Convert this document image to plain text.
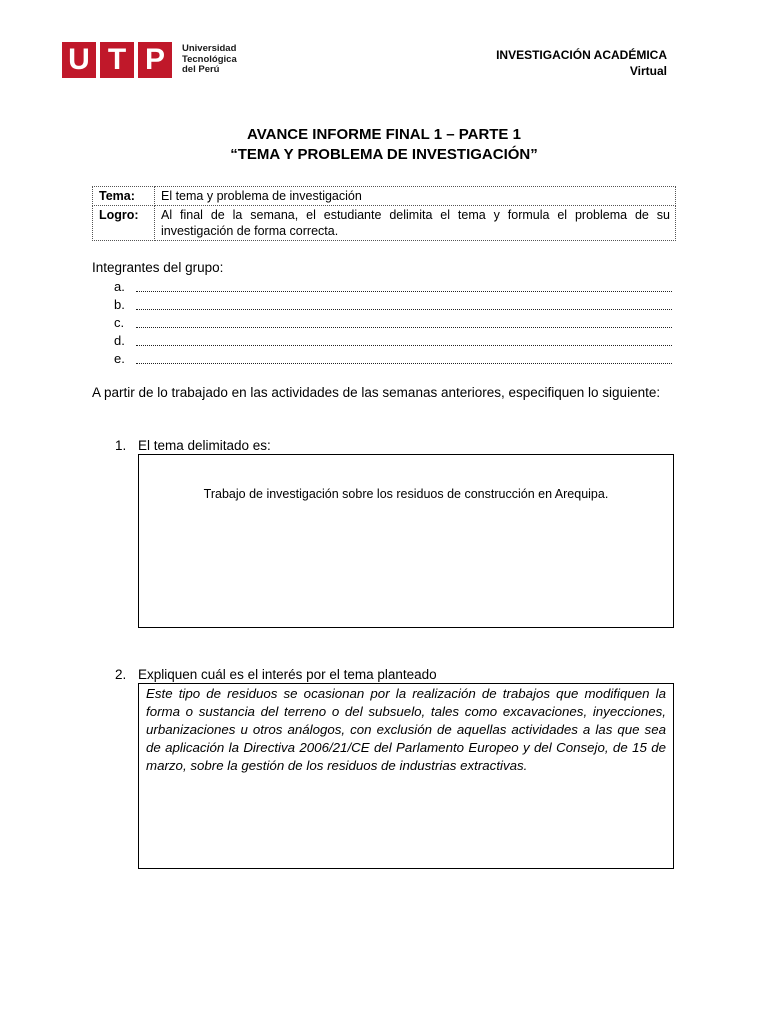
U T P	Universidad
Tecnológica
del Perú
INVESTIGACIÓN ACADÉMICA
Virtual
AVANCE INFORME FINAL 1 – PARTE 1
“TEMA Y PROBLEMA DE INVESTIGACIÓN”
Tema:	El tema y problema de investigación
Logro:	Al final de la semana, el estudiante delimita el tema y formula el problema de su investigación de forma correcta.
Integrantes del grupo:
a.
b.
c.
d.
e.
A partir de lo trabajado en las actividades de las semanas anteriores, especifiquen lo siguiente:
1. El tema delimitado es:
Trabajo de investigación sobre los residuos de construcción en Arequipa.
2. Expliquen cuál es el interés por el tema planteado
Este tipo de residuos se ocasionan por la realización de trabajos que modifiquen la forma o sustancia del terreno o del subsuelo, tales como excavaciones, inyecciones, urbanizaciones u otros análogos, con exclusión de aquellas actividades a las que sea de aplicación la Directiva 2006/21/CE del Parlamento Europeo y del Consejo, de 15 de marzo, sobre la gestión de los residuos de industrias extractivas.
